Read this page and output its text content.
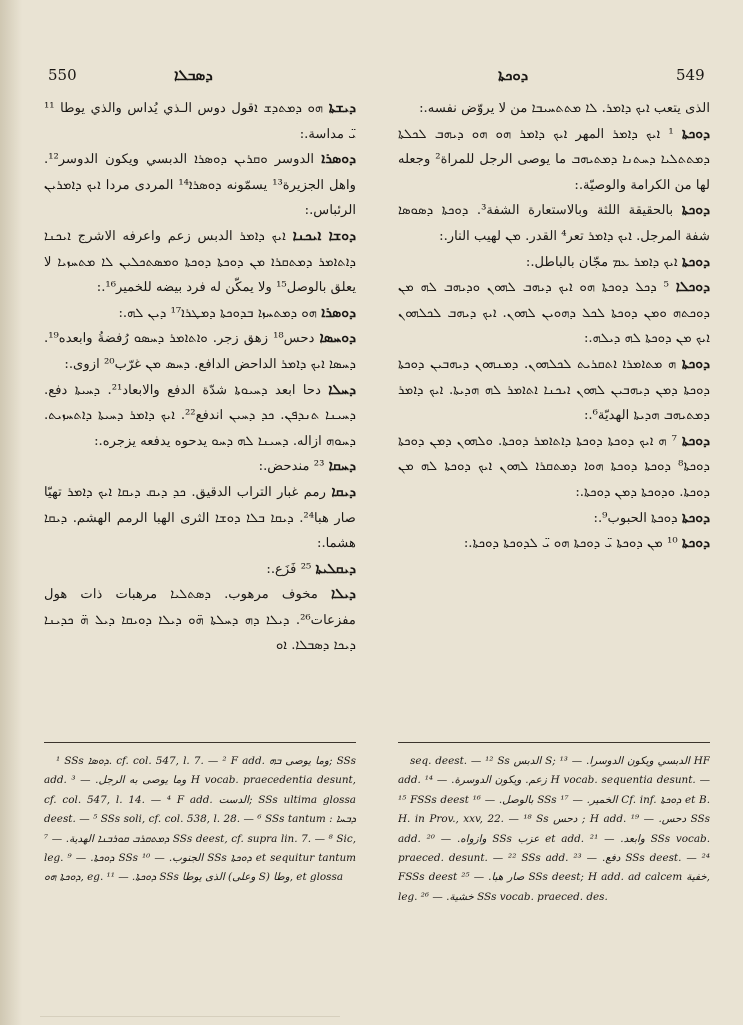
550	ܕܣܒܠܐ	ܕܘܟܬܐ	549

ܕܝܫܬܐ ܗܘ ܕܡܬܕܫ ܐقول دوس الـذي يُداس والذي يوطا ¹¹ ܝ̈ مداسة.:

ܕܘܣܪܐ الدوسر ܘܩܪܝܢ ܕܘܣܪܐ الدبسي ويكون الدوسر¹². واهل الجزيرة¹³ يسمّونه ܕܘܣܪܐ¹⁴ المردى مردا ܐܝܟ ܕܐܡܪܝܢ الرئباس.:

ܕܘܫܐ ܐܝܟܢܐ ܐܝܟ ܕܐܡܪ الدبس زعم واعرفه الاشرج ܐܝܟܢܐ ܕܐܬܐܡܪ ܕܡܬܩܪܐ ܡܢ ܕܘܟܬܐ ܕܘܟܬܐ ܘܡܣܬܟܠܝܢ ܠܐ ܡܬܚܙܝܐ لا يعلق بالوصل¹⁵ ولا يمكّن له فرد بيضه للخمير¹⁶.:

ܕܘܣܪܐ ܗܘ ܕܡܬܚܙܐ ܒܕܘܟܬܐ ܕܡܛܪܐ¹⁷ ܕܝܢ ܠܗ.:

ܕܘܚܣܐ دحس¹⁸ زهق زجر. ܘܐܬܐܡܪ ܕܚܣܘ رُفضةُ وابعده¹⁹. ܕܚܣܐ ܐܝܟ ܕܐܡܪ الداحض الدافع. ܕܚܣ ܡܢ غرّب²⁰ ازوى.:

ܕܚܠܐ دحا ابعد ܕܚܝܘܬܐ شدّة الدفع والابعاد²¹. ܕܚܝܬܐ دفع. ܕܚܝܢܐ ܬܢܕܦܢ. ܟܕ ܕܚܝܢ اندفع²². ܐܝܟ ܕܐܡܪ ܕܚܝܬܐ ܕܐܬܚܙܝܬ. ܕܚܘܗ ازاله. ܕܚܝܢܐ ܠܗ ܕܚܘ يدحوه يدفعه يزجره.:

ܕܚܩܐ ²³ مندحض.:

ܕܝܩܐ رمم غبار التراب الدقيق. ܟܕ ܕܝܩ ܕܝܩܐ ܐܝܟ ܕܐܡܪ تهيّا صار هبا²⁴. ܕܝܩܐ ܒܠܐ ܕܘܫܐ الثرى الهبا الرمم الهشم. ܕܝܩܐ هشما.:

ܕܝܩܠܝܬܐ ²⁵ فَزَع.:

ܕܝܠܐ مخوف مرهوب. ܕܣܬܠܝܐ مرهبات ذات هول مفزعات²⁶. ܕܝܠܐ ܕܗ ܕܚܠܬܐ ܗ̈ܘ ܕܝܠܐ ܕܘܝܩܐ ܕܝܠ ܗ̈ ܟܕܝܢܐ ܕܝܟܐ ܕܣܒܠܐ. ܐܘ

الذى يتعب ܐܝܟ ܕܐܡܪ. ܠܐ ܡܬܬܚܝܒܐ من لا يروّض نفسه.:

ܕܘܟܬܐ ¹ ܐܝܟ ܕܐܡܪ المهر ܐܝܟ ܕܐܡܪ ܗܘ ܗܘ ܕܝܗܒ ܠܟܠܬܐ ܕܡܬܬܠܝܐ ܕܚܬܢܐ ܕܡܬܝܗܒ ما يوصى الرجل للمراة² وجعله لها من الكرامة والوصيّة.:

ܕܘܟܬܐ بالحقيقة اللثة وبالاستعارة الشفة³. ܕܘܟܬܐ ܕܣܘܣܐ شفة المرجل. ܐܝܟ ܕܐܡܪ تعر⁴ القدر. ܡܢ لهيب النار.:

ܕܘܟܬܐ ܐܝܟ ܕܐܡܪ ܥܡ مجّان بالباطل.:

ܕܘܟܠܐ ⁵ ܕܟܠ ܕܘܟܬܐ ܗܘ ܐܝܟ ܕܝܗܒ ܠܗܘܢ ܘܕܝܗܒ ܠܗ ܡܢ ܕܘܟܬܗ ܘܡܢ ܕܘܟܬܐ ܠܟܠ ܕܗܘܝܢ ܠܗܘܢ. ܐܝܟ ܕܝܗܒ ܠܟܠܗܘܢ ܐܝܟ ܡܢ ܕܘܟܬܐ ܠܗ ܕܝܠܗ.:

ܕܘܟܬܐ ܗ ܡܬܐܡܪܐ ܐܬܩܪܝܬ ܠܟܠܗܘܢ. ܕܡܢܗܘܢ ܕܝܗܒܝܢ ܕܘܟܬܐ ܕܘܟܬܐ ܕܡܢ ܕܝܗܒܝܢ ܠܗܘܢ ܐܝܟܢܐ ܐܬܐܡܪ ܠܗ ܗܕܝܬܐ. ܐܝܟ ܕܐܡܪ ܕܡܬܝܗܒ ܗܕܝܬܐ الهديّة⁶.:

ܕܘܟܬܐ ⁷ ܗ ܐܝܟ ܕܘܟܬܐ ܕܘܟܬܐ ܕܐܬܐܡܪ ܕܘܟܬܐ. ܘܠܗܘܢ ܕܡܢ ܕܘܟܬܐ ܕܘܟܬܐ⁸ ܕܘܟܬܐ ܕܘܟܬܐ ܗܘܐ ܕܡܬܩܪܐ ܠܗܘܢ ܐܝܟ ܕܘܟܬܐ ܠܗ ܡܢ ܕܘܟܬܐ. ܘܕܘܟܬܐ ܕܡܢ ܕܘܟܬܐ.:

ܕܘܟܬܐ ܕܘܟܬܐ الحبوب⁹.:

ܕܘܟܬܐ ¹⁰ ܡܢ ܕܘܟܬܐ ܝ̈ ܕܘܟܬܐ ܗܘ ܝ̈ ܠܕܘܟܬܐ ܕܘܟܬܐ.:

¹ SSs ܕܘܣܐ. cf. col. 547, l. 7. — ² F add. وما يوصى ܒܗ; SSs add. وما يوصى به الرجل. — ³ H vocab. praecedentia desunt, cf. col. 547, l. 14. — ⁴ F add. الدست; SSs ultima glossa deest. — ⁵ SSs soli, cf. col. 538, l. 28. — ⁶ SSs tantum : ܕܒܚܐ ܕܡܬܩܪܒ ܩܘܪܒܢܐ الهدية. — ⁷ SSs deest, cf. supra lin. 7. — ⁸ Sic, leg. ܕܘܟܬܐ. — ⁹ SSs الجنوب. — ¹⁰ SSs ܕܘܟܬܐ et sequitur tantum ܕܘܟܬܐ ܗܘ, eg. ܕܘܟܬܐ. — ¹¹ SSs الذى يوطا (وعلى S) وطا, et glossa

seq. deest. — ¹² Ss الدبس S; الدبسي ويكون الدوسرا. — ¹³ HF add. زعم. ويكون الدوسرة. — ¹⁴ H vocab. sequentia desunt. — ¹⁵ FSSs deest بالوصل. — ¹⁶ SSs الخمير. — ¹⁷ Cf. inf. ܕܘܟܬܐ et B. H. in Prov., xxv, 22. — ¹⁸ Ss دحس ; H add. دحس. — ¹⁹ SSs add. وازواه. — ²⁰ SSs عزب et add. وابعد. — ²¹ SSs vocab. praeced. desunt. — ²² SSs add. دفع. — ²³ SSs deest. — ²⁴ FSSs deest صار هبا. — ²⁵ SSs deest; H add. ad calcem خفية, leg. خشية. — ²⁶ SSs vocab. praeced. des.
